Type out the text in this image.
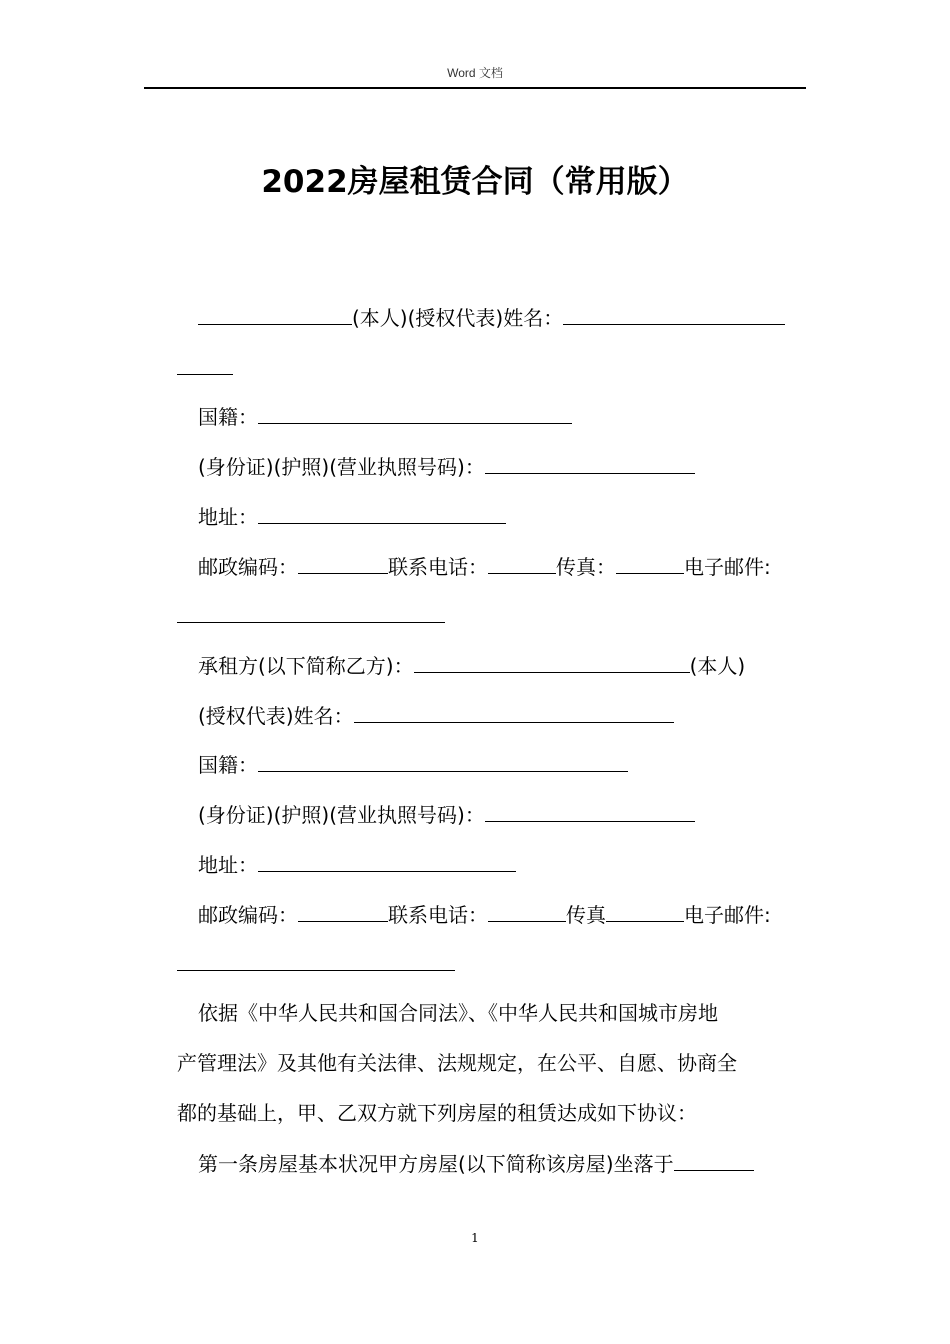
Word 文档
2022房屋租赁合同（常用版）
(本人)(授权代表)姓名：
国籍：
(身份证)(护照)(营业执照号码)：
地址：
邮政编码：	联系电话：	传真：	电子邮件:
承租方(以下简称乙方)：	(本人)
(授权代表)姓名：
国籍：
(身份证)(护照)(营业执照号码)：
地址：
邮政编码：	联系电话：	传真	电子邮件:
依据《中华人民共和国合同法》、《中华人民共和国城市房地
产管理法》及其他有关法律、法规规定，在公平、自愿、协商全
都的基础上，甲、乙双方就下列房屋的租赁达成如下协议：
第一条房屋基本状况甲方房屋(以下简称该房屋)坐落于
1
